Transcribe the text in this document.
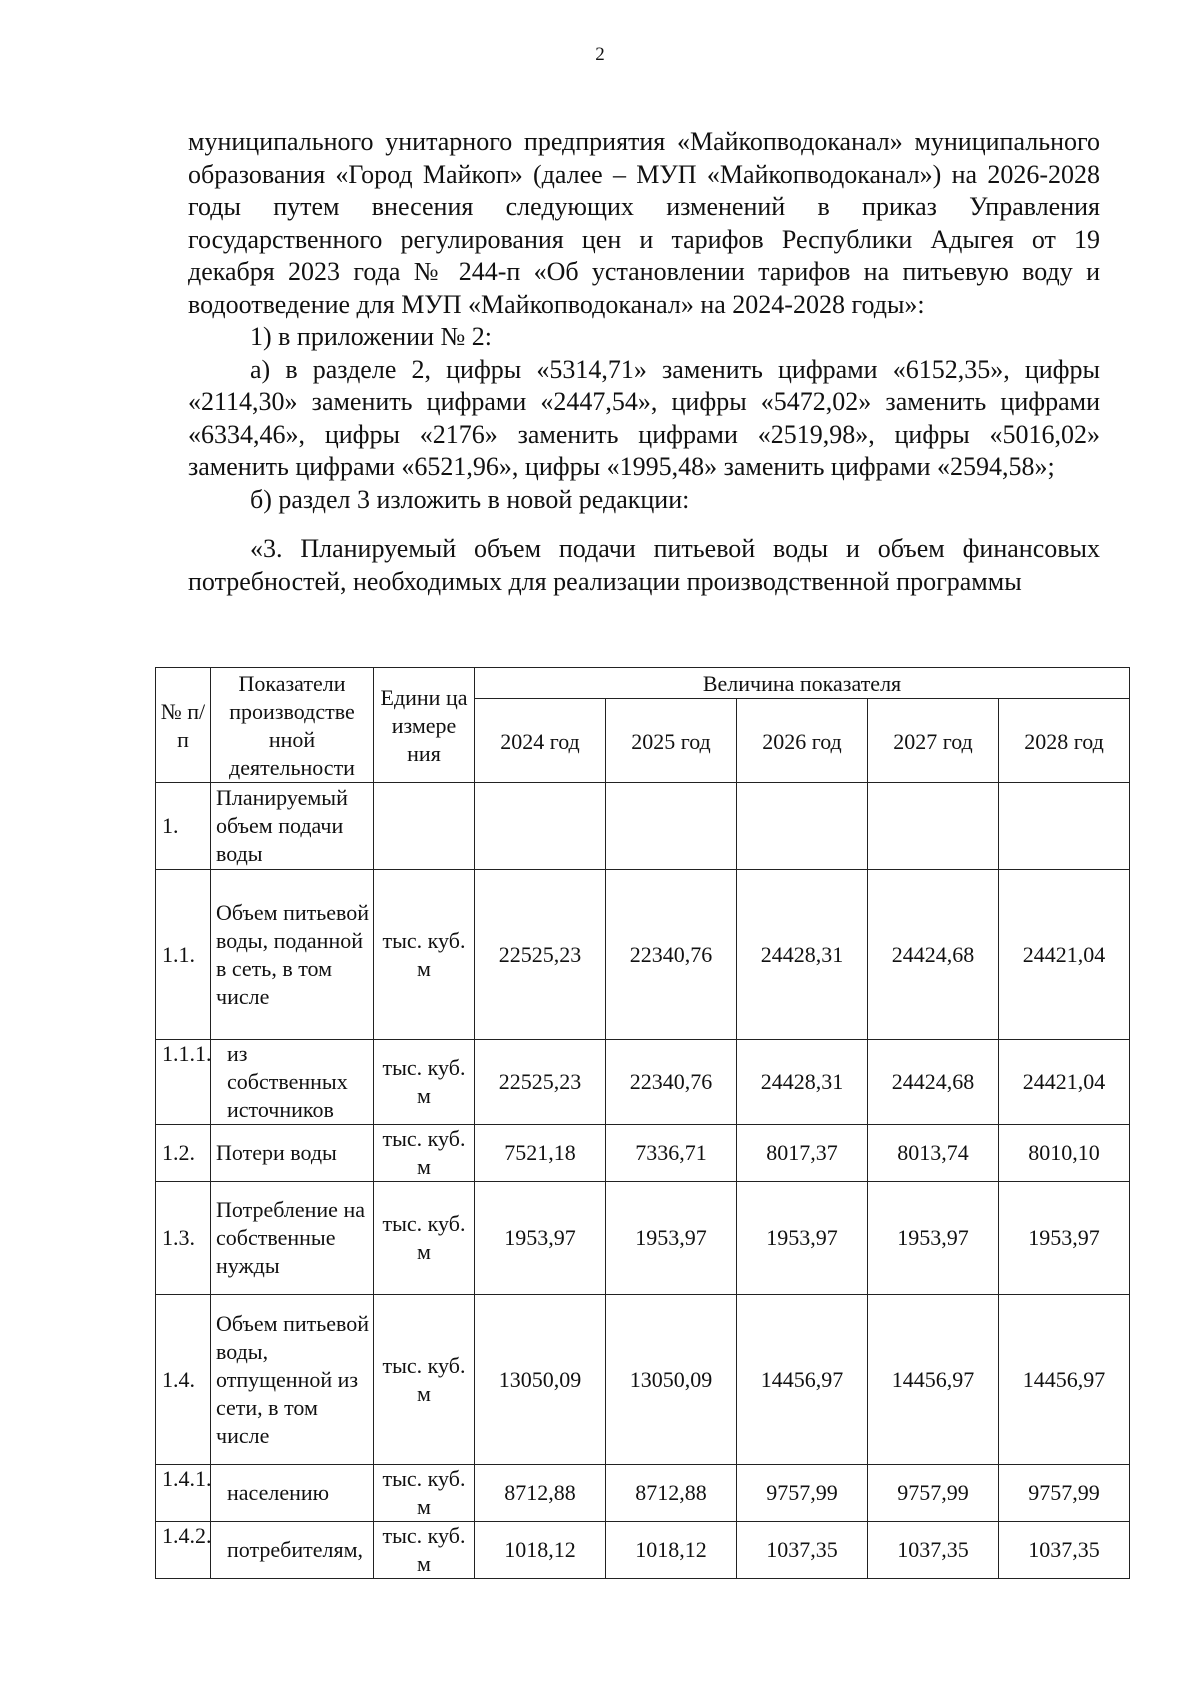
2

муниципального унитарного предприятия «Майкопводоканал» муниципального образования «Город Майкоп» (далее – МУП «Майкопводоканал») на 2026-2028 годы путем внесения следующих изменений в приказ Управления государственного регулирования цен и тарифов Республики Адыгея от 19 декабря 2023 года № 244-п «Об установлении тарифов на питьевую воду и водоотведение для МУП «Майкопводоканал» на 2024-2028 годы»:

1) в приложении № 2:

а) в разделе 2, цифры «5314,71» заменить цифрами «6152,35», цифры «2114,30» заменить цифрами «2447,54», цифры «5472,02» заменить цифрами «6334,46», цифры «2176» заменить цифрами «2519,98», цифры «5016,02» заменить цифрами «6521,96», цифры «1995,48» заменить цифрами «2594,58»;

б) раздел 3 изложить в новой редакции:

«3. Планируемый объем подачи питьевой воды и объем финансовых потребностей, необходимых для реализации производственной программы

№ п/п	Показатели производстве нной деятельности	Едини ца измере ния	Величина показателя				
			2024 год	2025 год	2026 год	2027 год	2028 год
1.	Планируемый объем подачи воды						
1.1.	Объем питьевой воды, поданной в сеть, в том числе	тыс. куб. м	22525,23	22340,76	24428,31	24424,68	24421,04
1.1.1.	из собственных источников	тыс. куб. м	22525,23	22340,76	24428,31	24424,68	24421,04
1.2.	Потери воды	тыс. куб. м	7521,18	7336,71	8017,37	8013,74	8010,10
1.3.	Потребление на собственные нужды	тыс. куб. м	1953,97	1953,97	1953,97	1953,97	1953,97
1.4.	Объем питьевой воды, отпущенной из сети, в том числе	тыс. куб. м	13050,09	13050,09	14456,97	14456,97	14456,97
1.4.1.	населению	тыс. куб. м	8712,88	8712,88	9757,99	9757,99	9757,99
1.4.2.	потребителям,	тыс. куб. м	1018,12	1018,12	1037,35	1037,35	1037,35
